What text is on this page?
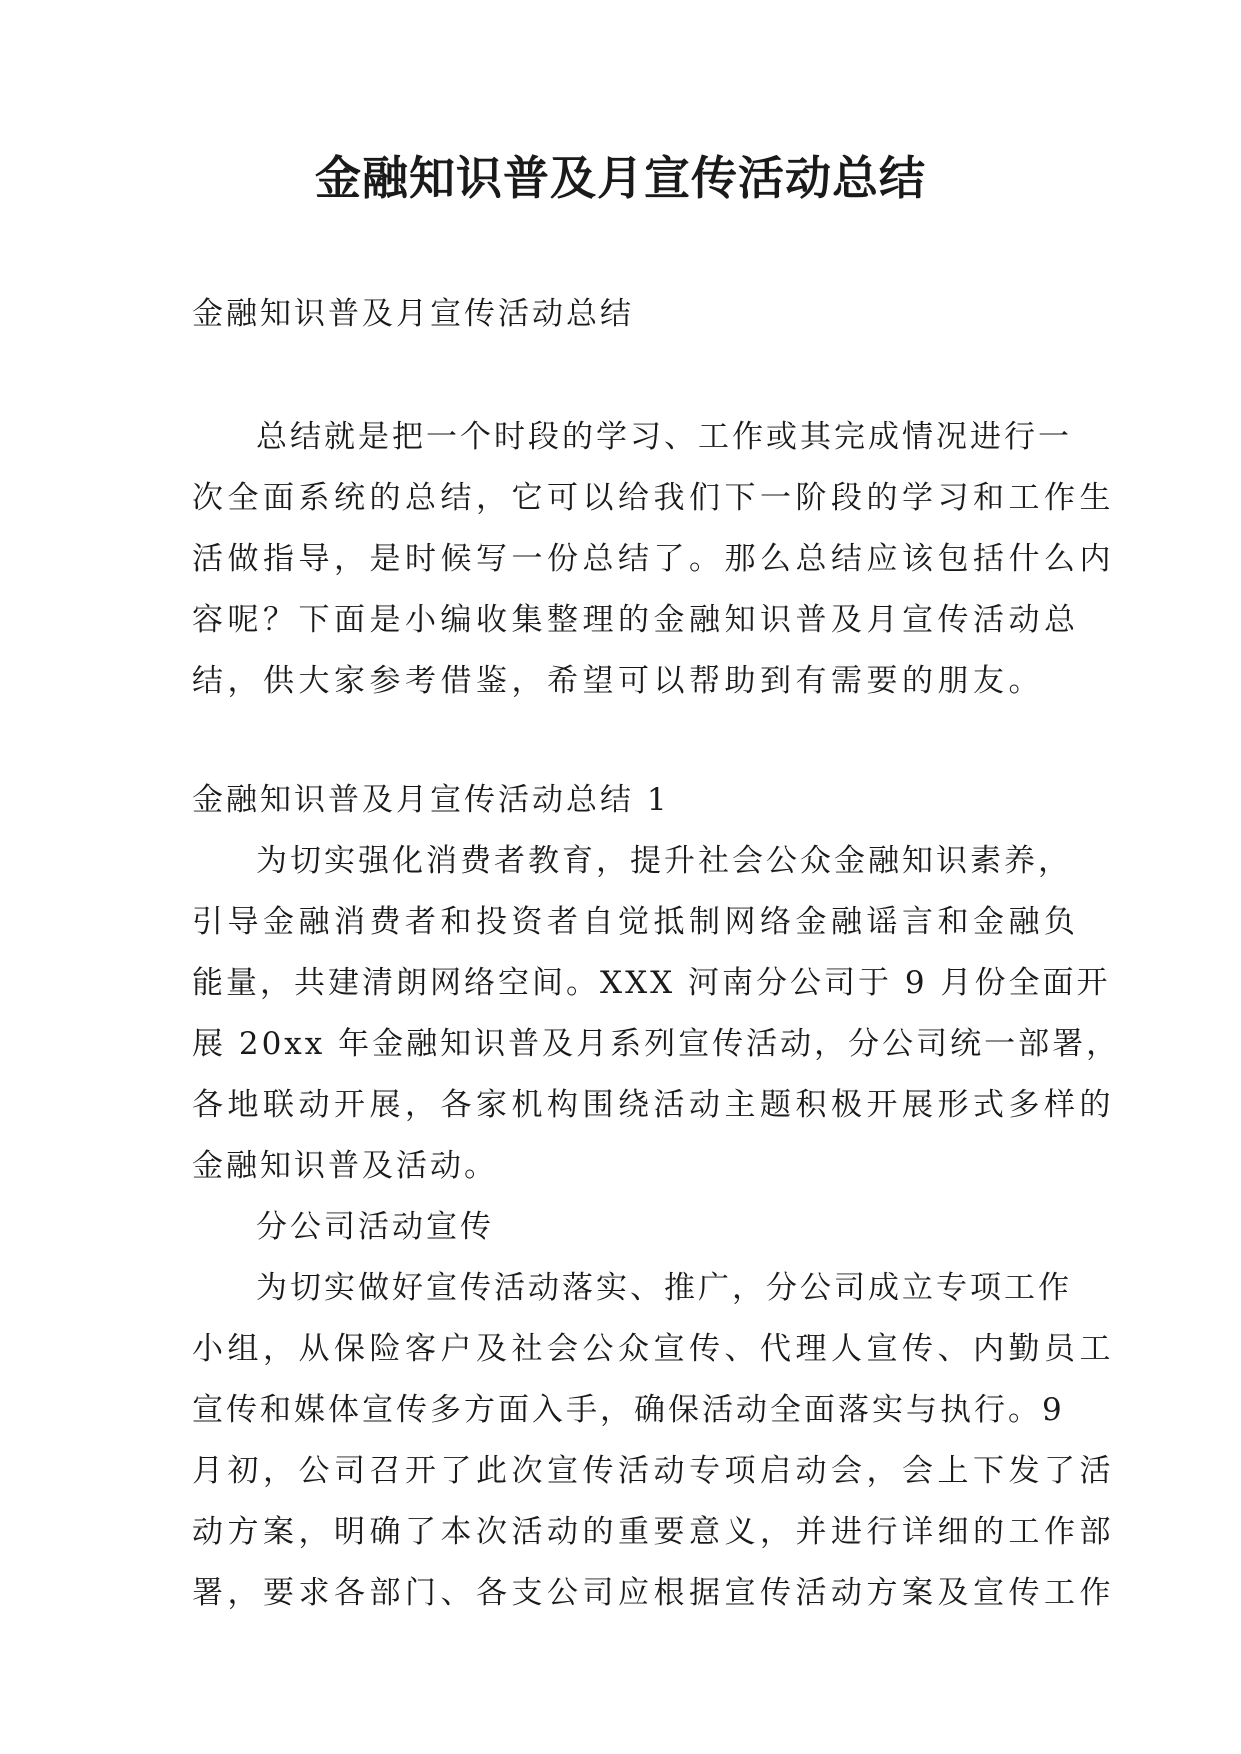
金融知识普及月宣传活动总结
金融知识普及月宣传活动总结
总结就是把一个时段的学习、工作或其完成情况进行一
次全面系统的总结，它可以给我们下一阶段的学习和工作生
活做指导，是时候写一份总结了。那么总结应该包括什么内
容呢？下面是小编收集整理的金融知识普及月宣传活动总
结，供大家参考借鉴，希望可以帮助到有需要的朋友。
金融知识普及月宣传活动总结 1
为切实强化消费者教育，提升社会公众金融知识素养，
引导金融消费者和投资者自觉抵制网络金融谣言和金融负
能量，共建清朗网络空间。XXX 河南分公司于 9 月份全面开
展 20xx 年金融知识普及月系列宣传活动，分公司统一部署，
各地联动开展，各家机构围绕活动主题积极开展形式多样的
金融知识普及活动。
分公司活动宣传
为切实做好宣传活动落实、推广，分公司成立专项工作
小组，从保险客户及社会公众宣传、代理人宣传、内勤员工
宣传和媒体宣传多方面入手，确保活动全面落实与执行。9
月初，公司召开了此次宣传活动专项启动会，会上下发了活
动方案，明确了本次活动的重要意义，并进行详细的工作部
署，要求各部门、各支公司应根据宣传活动方案及宣传工作
